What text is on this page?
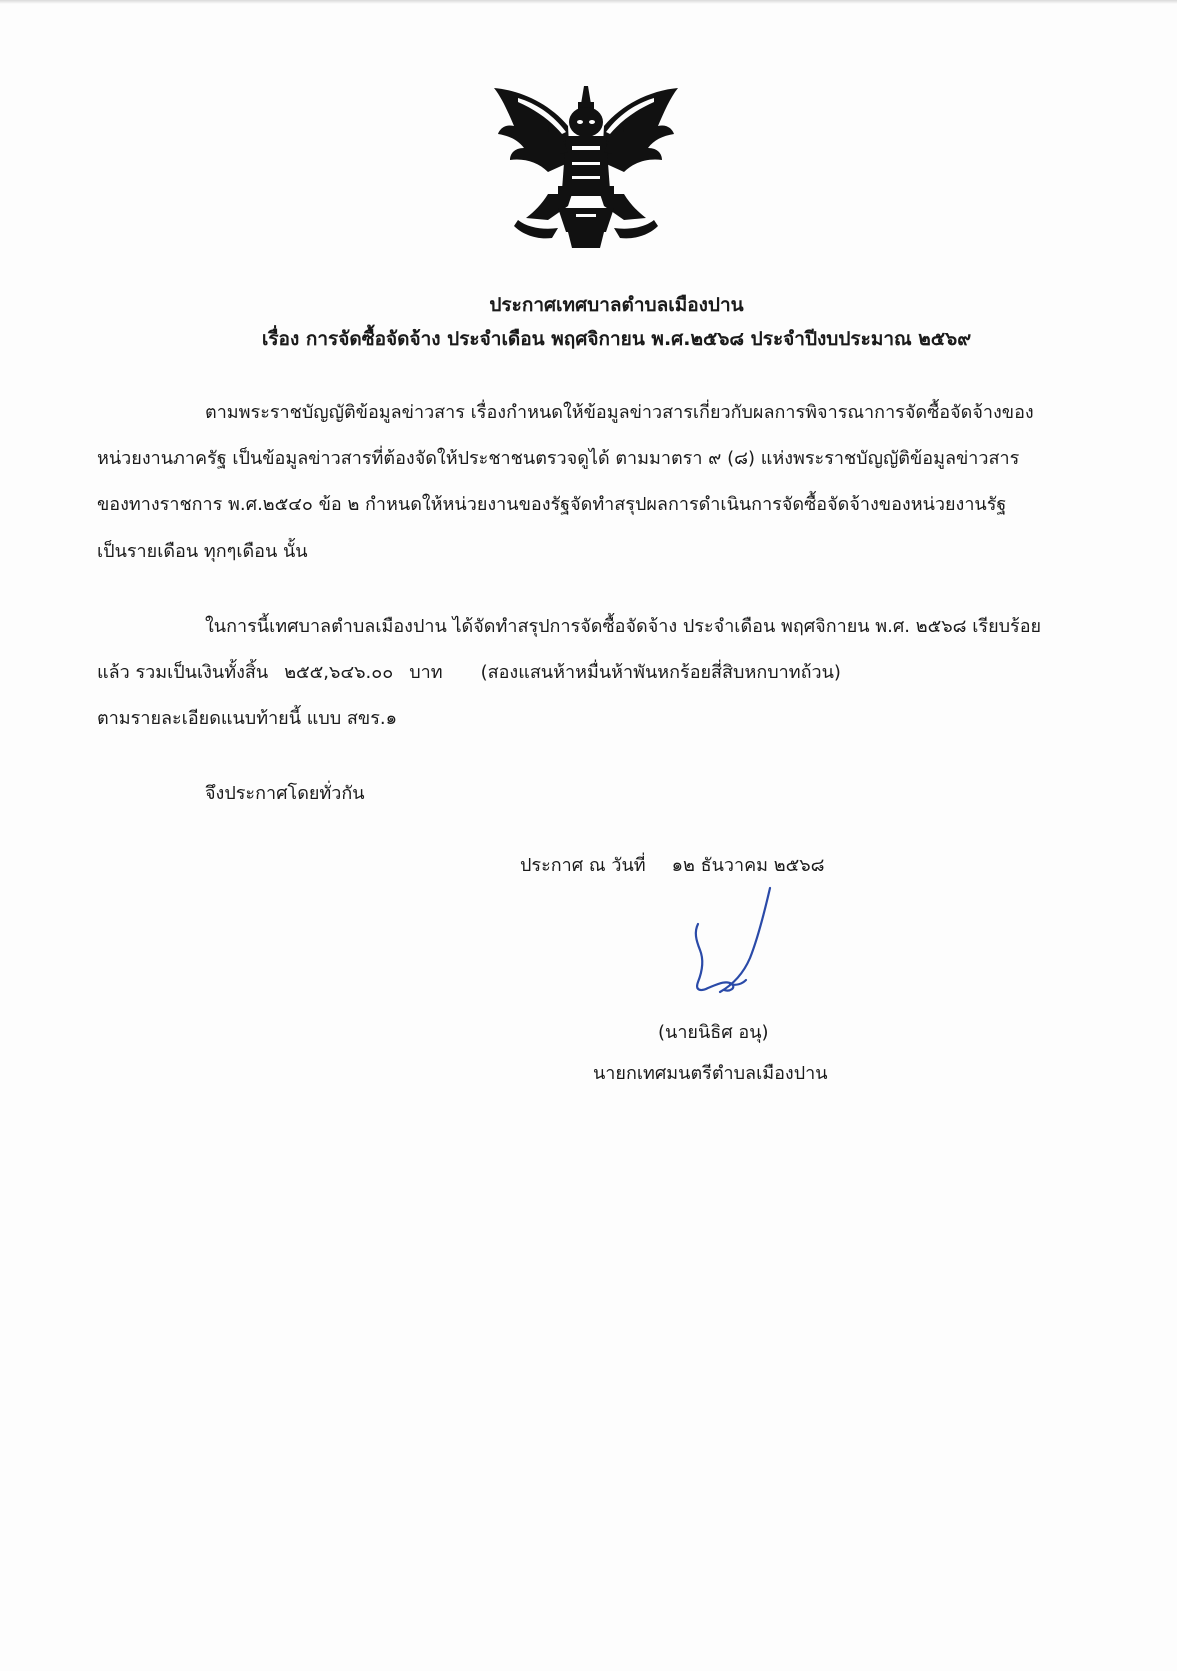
ประกาศเทศบาลตำบลเมืองปาน
เรื่อง การจัดซื้อจัดจ้าง ประจำเดือน พฤศจิกายน พ.ศ.๒๕๖๘ ประจำปีงบประมาณ ๒๕๖๙
ตามพระราชบัญญัติข้อมูลข่าวสาร เรื่องกำหนดให้ข้อมูลข่าวสารเกี่ยวกับผลการพิจารณาการจัดซื้อจัดจ้างของ
หน่วยงานภาครัฐ เป็นข้อมูลข่าวสารที่ต้องจัดให้ประชาชนตรวจดูได้ ตามมาตรา ๙ (๘) แห่งพระราชบัญญัติข้อมูลข่าวสาร
ของทางราชการ พ.ศ.๒๕๔๐ ข้อ ๒ กำหนดให้หน่วยงานของรัฐจัดทำสรุปผลการดำเนินการจัดซื้อจัดจ้างของหน่วยงานรัฐ
เป็นรายเดือน ทุกๆเดือน นั้น
ในการนี้เทศบาลตำบลเมืองปาน ได้จัดทำสรุปการจัดซื้อจัดจ้าง ประจำเดือน พฤศจิกายน พ.ศ. ๒๕๖๘ เรียบร้อย
แล้ว รวมเป็นเงินทั้งสิ้น ๒๕๕,๖๔๖.๐๐ บาท (สองแสนห้าหมื่นห้าพันหกร้อยสี่สิบหกบาทถ้วน)
ตามรายละเอียดแนบท้ายนี้ แบบ สขร.๑
จึงประกาศโดยทั่วกัน
ประกาศ ณ วันที่ ๑๒ ธันวาคม ๒๕๖๘
(นายนิธิศ อนุ)
นายกเทศมนตรีตำบลเมืองปาน
